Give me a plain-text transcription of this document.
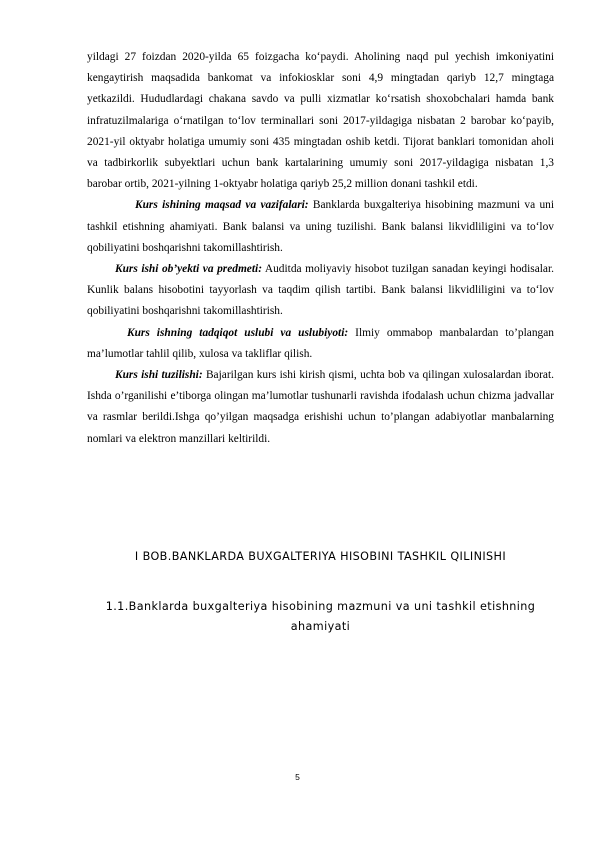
yildagi 27 foizdan 2020-yilda 65 foizgacha ko‘paydi. Aholining naqd pul yechish imkoniyatini kengaytirish maqsadida bankomat va infokiosklar soni 4,9 mingtadan qariyb 12,7 mingtaga yetkazildi. Hududlardagi chakana savdo va pulli xizmatlar ko‘rsatish shoxobchalari hamda bank infratuzilmalariga o‘rnatilgan to‘lov terminallari soni 2017-yildagiga nisbatan 2 barobar ko‘payib, 2021-yil oktyabr holatiga umumiy soni 435 mingtadan oshib ketdi. Tijorat banklari tomonidan aholi va tadbirkorlik subyektlari uchun bank kartalarining umumiy soni 2017-yildagiga nisbatan 1,3 barobar ortib, 2021-yilning 1-oktyabr holatiga qariyb 25,2 million donani tashkil etdi.

Kurs ishining maqsad va vazifalari: Banklarda buxgalteriya hisobining mazmuni va uni tashkil etishning ahamiyati. Bank balansi va uning tuzilishi. Bank balansi likvidliligini va to‘lov qobiliyatini boshqarishni takomillashtirish.

Kurs ishi ob’yekti va predmeti: Auditda moliyaviy hisobot tuzilgan sanadan keyingi hodisalar. Kunlik balans hisobotini tayyorlash va taqdim qilish tartibi. Bank balansi likvidliligini va to‘lov qobiliyatini boshqarishni takomillashtirish.

Kurs ishning tadqiqot uslubi va uslubiyoti: Ilmiy ommabop manbalardan to’plangan ma’lumotlar tahlil qilib, xulosa va takliflar qilish.

Kurs ishi tuzilishi: Bajarilgan kurs ishi kirish qismi, uchta bob va qilingan xulosalardan iborat. Ishda o’rganilishi e’tiborga olingan ma’lumotlar tushunarli ravishda ifodalash uchun chizma jadvallar va rasmlar berildi.Ishga qo’yilgan maqsadga erishishi uchun to’plangan adabiyotlar manbalarning nomlari va elektron manzillari keltirildi.

I BOB.BANKLARDA BUXGALTERIYA HISOBINI TASHKIL QILINISHI

1.1.Banklarda buxgalteriya hisobining mazmuni va uni tashkil etishning ahamiyati

5
